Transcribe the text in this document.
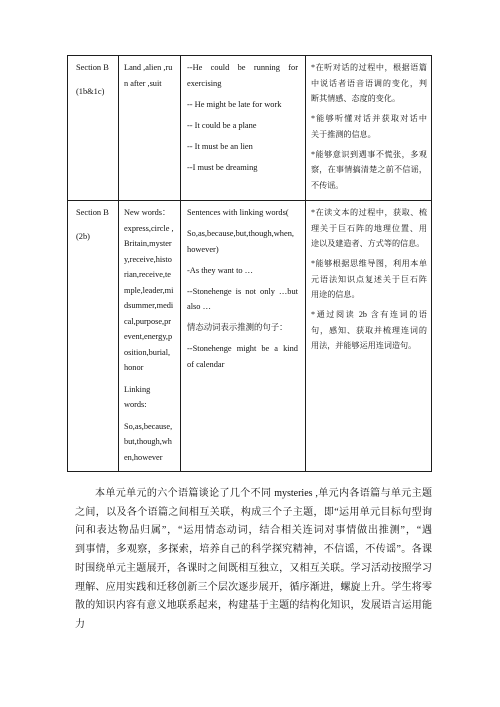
Section B
(1b&1c)
Land ,alien ,ru
n after ,suit
--He could be running for
exercising
-- He might be late for work
-- It could be a plane
-- It must be an lien
--I must be dreaming
*在听对话的过程中，根据语篇
中说话者语音语调的变化，判
断其情感、态度的变化。
*能够听懂对话并获取对话中
关于推测的信息。
*能够意识到遇事不慌张，多观
察，在事情搞清楚之前不信谣，
不传谣。
Section B
(2b)
New words：
express,circle ,
Britain,myster
y,receive,histo
rian,receive,te
mple,leader,mi
dsummer,medi
cal,purpose,pr
event,energy,p
osition,burial,
honor
Linking
words:
So,as,because,
but,though,wh
en,however
Sentences with linking words(
So,as,because,but,though,when,
however)
-As they want to …
--Stonehenge is not only …but
also …
情态动词表示推测的句子：
--Stonehenge might be a kind
of calendar
*在读文本的过程中，获取、梳
理关于巨石阵的地理位置、用
途以及建造者、方式等的信息。
*能够根据思维导图，利用本单
元语法知识点复述关于巨石阵
用途的信息。
*通过阅读 2b 含有连词的语
句，感知、获取并梳理连词的
用法，并能够运用连词造句。
本单元单元的六个语篇谈论了几个不同 mysteries ,单元内各语篇与单元主题
之间，以及各个语篇之间相互关联，构成三个子主题，即“运用单元目标句型询
问和表达物品归属”，“运用情态动词，结合相关连词对事情做出推测”，“遇
到事情，多观察，多探索，培养自己的科学探究精神，不信谣，不传谣”。各课
时围绕单元主题展开，各课时之间既相互独立，又相互关联。学习活动按照学习
理解、应用实践和迁移创新三个层次逐步展开，循序渐进，螺旋上升。学生将零
散的知识内容有意义地联系起来，构建基于主题的结构化知识，发展语言运用能
力
